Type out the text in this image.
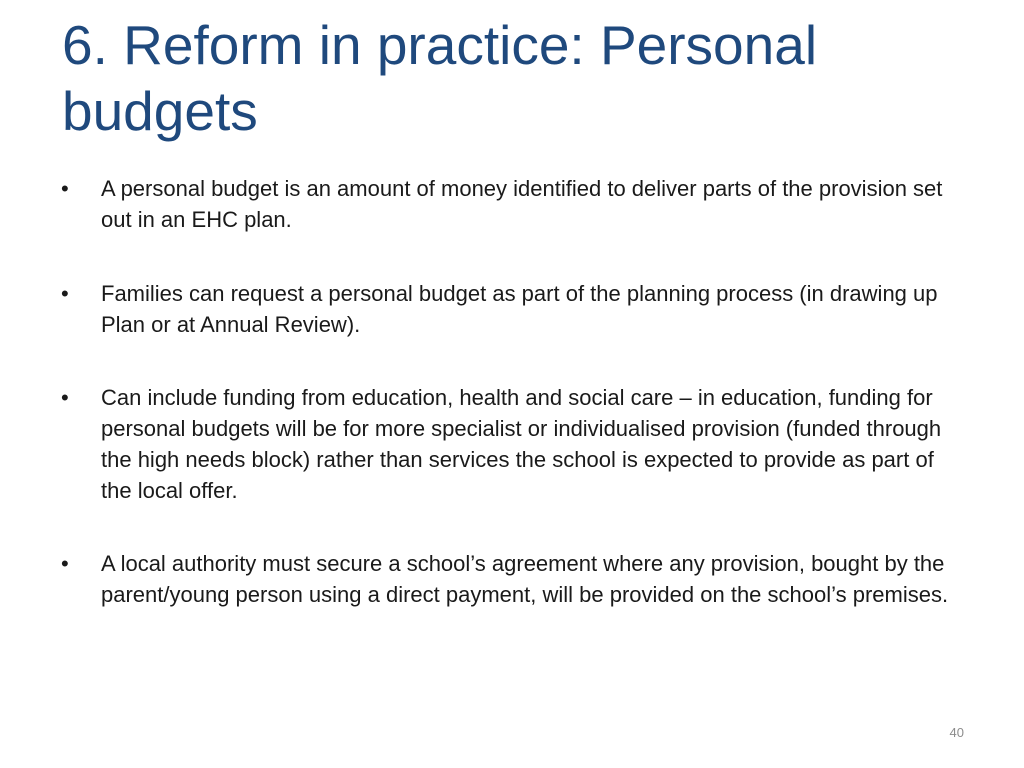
6. Reform in practice: Personal budgets
• A personal budget is an amount of money identified to deliver parts of the provision set out in an EHC plan.
• Families can request a personal budget as part of the planning process (in drawing up Plan or at Annual Review).
• Can include funding from education, health and social care – in education, funding for personal budgets will be for more specialist or individualised provision (funded through the high needs block) rather than services the school is expected to provide as part of the local offer.
• A local authority must secure a school’s agreement where any provision, bought by the parent/young person using a direct payment, will be provided on the school’s premises.
40
